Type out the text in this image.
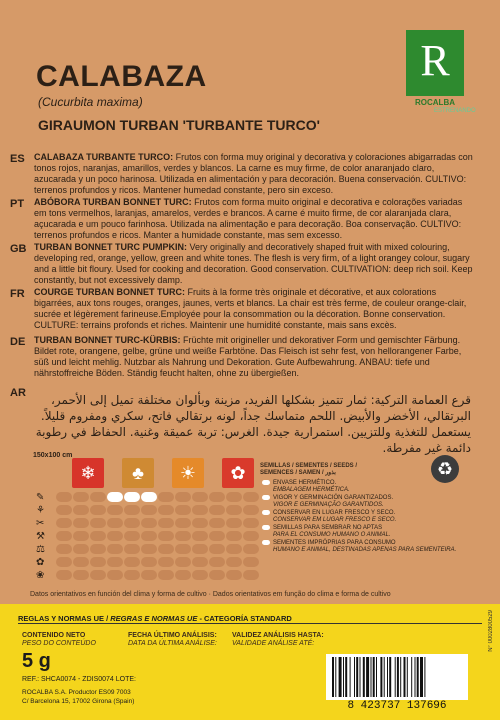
CALABAZA
(Cucurbita maxima)
GIRAUMON TURBAN 'TURBANTE TURCO'
R
ROCALBA
ESTRENANDO
ES CALABAZA TURBANTE TURCO: Frutos con forma muy original y decorativa y coloraciones abigarradas con tonos rojos, naranjas, amarillos, verdes y blancos. La carne es muy firme, de color anaranjado claro, azucarada y un poco harinosa. Utilizada en alimentación y para decoración. Buena conservación. CULTIVO: terrenos profundos y ricos. Mantener humedad constante, pero sin exceso.
PT ABÓBORA TURBAN BONNET TURC: Frutos com forma muito original e decorativa e colorações variadas em tons vermelhos, laranjas, amarelos, verdes e brancos. A carne é muito firme, de cor alaranjada clara, açucarada e um pouco farinhosa. Utilizada na alimentação e para decoração. Boa conservação. CULTIVO: terrenos profundos e ricos. Manter a humidade constante, mas sem excesso.
GB TURBAN BONNET TURC PUMPKIN: Very originally and decoratively shaped fruit with mixed colouring, developing red, orange, yellow, green and white tones. The flesh is very firm, of a light orangey colour, sugary and a little bit floury. Used for cooking and decoration. Good conservation. CULTIVATION: deep rich soil. Keep constantly, but not excessively damp.
FR COURGE TURBAN BONNET TURC: Fruits à la forme très originale et décorative, et aux colorations bigarrées, aux tons rouges, oranges, jaunes, verts et blancs. La chair est très ferme, de couleur orange-clair, sucrée et légèrement farineuse.Employée pour la consommation ou la décoration. Bonne conservation. CULTURE: terrains profonds et riches. Maintenir une humidité constante, mais sans excès.
DE TURBAN BONNET TURC-KÜRBIS: Früchte mit origineller und dekorativer Form und gemischter Färbung. Bildet rote, orangene, gelbe, grüne und weiße Farbtöne. Das Fleisch ist sehr fest, von hellorangener Farbe, süß und leicht mehlig. Nutzbar als Nahrung und Dekoration. Gute Aufbewahrung. ANBAU: tiefe und nährstoffreiche Böden. Ständig feucht halten, ohne zu übergießen.
AR	قرع العمامة التركية: ثمار تتميز بشكلها الفريد، مزينة وبألوان مختلفة تميل إلى الأحمر، البرتقالي، الأخضر والأبيض. اللحم متماسك جداً، لونه برتقالي فاتح، سكري ومفروم قليلاً. يستعمل للتغذية وللتزيين. استمرارية جيدة. الغرس: تربة عميقة وغنية. الحفاظ في رطوبة دائمة غير مفرطة.
150x100 cm
❄	♣	☀	✿
✎
⚘
✂
⚒
⚖
✿
❀
SEMILLAS / SEMENTES / SEEDS /
SEMENCES / SAMEN / بذور
ENVASE HERMÉTICO.
EMBALAGEM HERMÉTICA.
VIGOR Y GERMINACIÓN GARANTIZADOS.
VIGOR E GERMINAÇÃO GARANTIDOS.
CONSERVAR EN LUGAR FRESCO Y SECO.
CONSERVAR EM LUGAR FRESCO E SECO.
SEMILLAS PARA SEMBRAR NO APTAS
PARA EL CONSUMO HUMANO O ANIMAL.
SEMENTES IMPRÓPRIAS PARA CONSUMO
HUMANO E ANIMAL, DESTINADAS APENAS PARA SEMENTEIRA.
♻
Datos orientativos en función del clima y forma de cultivo · Dados orientativos em função do clima e forma de cultivo
REGLAS Y NORMAS UE / REGRAS E NORMAS UE - CATEGORÍA STANDARD
CONTENIDO NETO
PESO DO CONTEÚDO
5 g
FECHA ÚLTIMO ANÁLISIS:
DATA DA ÚLTIMA ANÁLISE:
VALIDEZ ANÁLISIS HASTA:
VALIDADE ANÁLISE ATÉ:
REF.: SHCA0074 - ZDIS0074 LOTE:
ROCALBA S.A. Productor ES09 7003
C/ Barcelona 15, 17002 Girona (Spain)	8 423737 137696
N° 0002800529
